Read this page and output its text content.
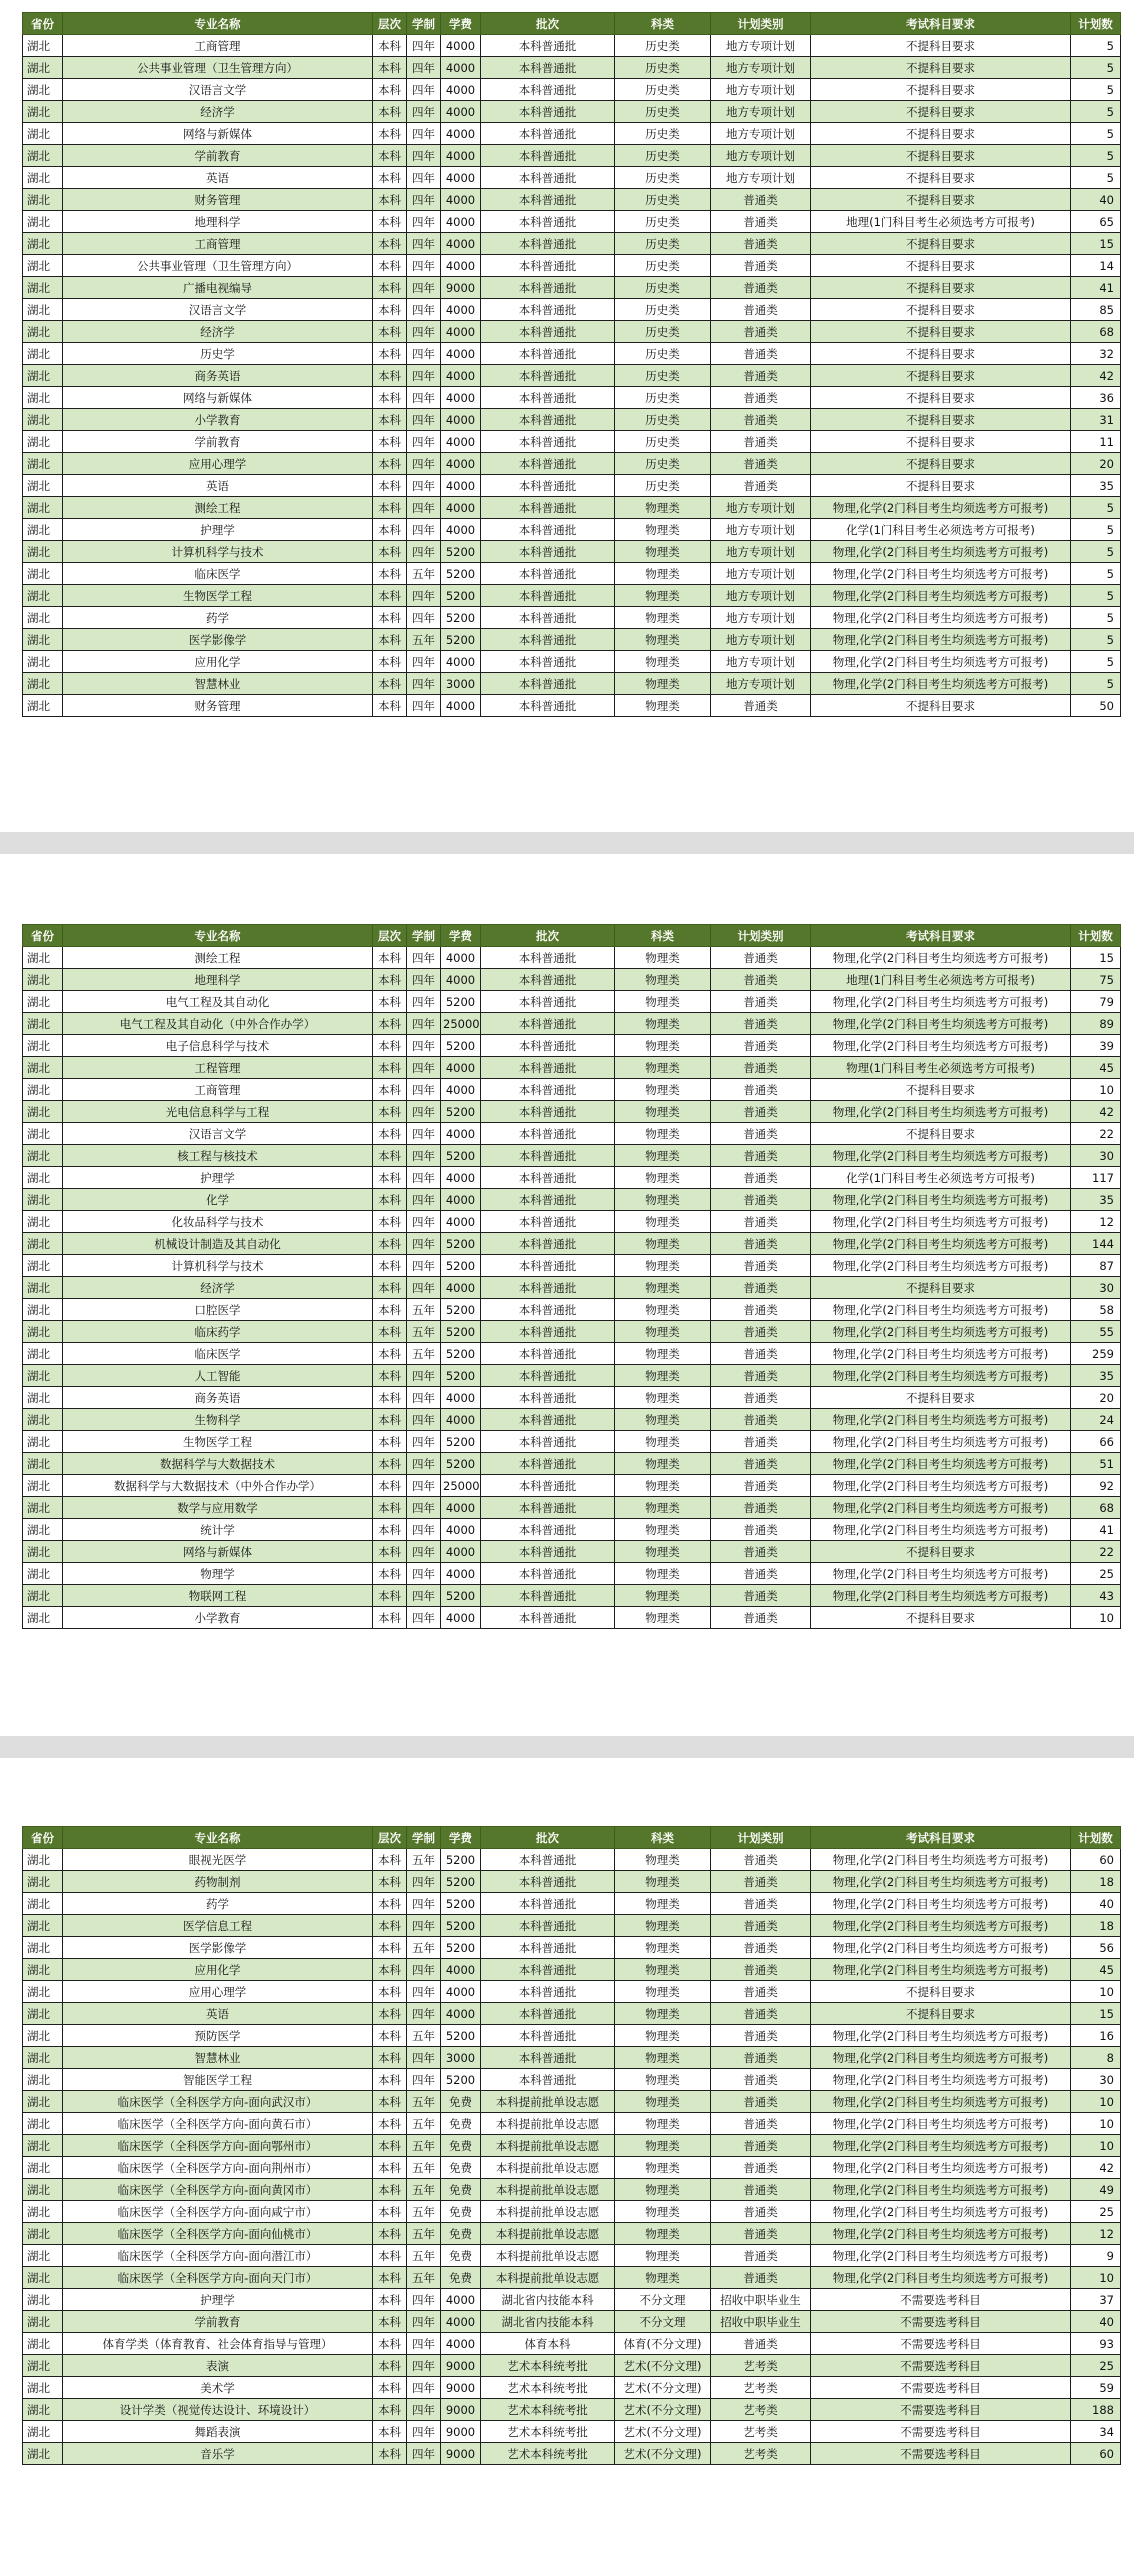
省份	专业名称	层次	学制	学费	批次	科类	计划类别	考试科目要求	计划数
湖北	工商管理	本科	四年	4000	本科普通批	历史类	地方专项计划	不提科目要求	5
湖北	公共事业管理（卫生管理方向）	本科	四年	4000	本科普通批	历史类	地方专项计划	不提科目要求	5
湖北	汉语言文学	本科	四年	4000	本科普通批	历史类	地方专项计划	不提科目要求	5
湖北	经济学	本科	四年	4000	本科普通批	历史类	地方专项计划	不提科目要求	5
湖北	网络与新媒体	本科	四年	4000	本科普通批	历史类	地方专项计划	不提科目要求	5
湖北	学前教育	本科	四年	4000	本科普通批	历史类	地方专项计划	不提科目要求	5
湖北	英语	本科	四年	4000	本科普通批	历史类	地方专项计划	不提科目要求	5
湖北	财务管理	本科	四年	4000	本科普通批	历史类	普通类	不提科目要求	40
湖北	地理科学	本科	四年	4000	本科普通批	历史类	普通类	地理(1门科目考生必须选考方可报考)	65
湖北	工商管理	本科	四年	4000	本科普通批	历史类	普通类	不提科目要求	15
湖北	公共事业管理（卫生管理方向）	本科	四年	4000	本科普通批	历史类	普通类	不提科目要求	14
湖北	广播电视编导	本科	四年	9000	本科普通批	历史类	普通类	不提科目要求	41
湖北	汉语言文学	本科	四年	4000	本科普通批	历史类	普通类	不提科目要求	85
湖北	经济学	本科	四年	4000	本科普通批	历史类	普通类	不提科目要求	68
湖北	历史学	本科	四年	4000	本科普通批	历史类	普通类	不提科目要求	32
湖北	商务英语	本科	四年	4000	本科普通批	历史类	普通类	不提科目要求	42
湖北	网络与新媒体	本科	四年	4000	本科普通批	历史类	普通类	不提科目要求	36
湖北	小学教育	本科	四年	4000	本科普通批	历史类	普通类	不提科目要求	31
湖北	学前教育	本科	四年	4000	本科普通批	历史类	普通类	不提科目要求	11
湖北	应用心理学	本科	四年	4000	本科普通批	历史类	普通类	不提科目要求	20
湖北	英语	本科	四年	4000	本科普通批	历史类	普通类	不提科目要求	35
湖北	测绘工程	本科	四年	4000	本科普通批	物理类	地方专项计划	物理,化学(2门科目考生均须选考方可报考)	5
湖北	护理学	本科	四年	4000	本科普通批	物理类	地方专项计划	化学(1门科目考生必须选考方可报考)	5
湖北	计算机科学与技术	本科	四年	5200	本科普通批	物理类	地方专项计划	物理,化学(2门科目考生均须选考方可报考)	5
湖北	临床医学	本科	五年	5200	本科普通批	物理类	地方专项计划	物理,化学(2门科目考生均须选考方可报考)	5
湖北	生物医学工程	本科	四年	5200	本科普通批	物理类	地方专项计划	物理,化学(2门科目考生均须选考方可报考)	5
湖北	药学	本科	四年	5200	本科普通批	物理类	地方专项计划	物理,化学(2门科目考生均须选考方可报考)	5
湖北	医学影像学	本科	五年	5200	本科普通批	物理类	地方专项计划	物理,化学(2门科目考生均须选考方可报考)	5
湖北	应用化学	本科	四年	4000	本科普通批	物理类	地方专项计划	物理,化学(2门科目考生均须选考方可报考)	5
湖北	智慧林业	本科	四年	3000	本科普通批	物理类	地方专项计划	物理,化学(2门科目考生均须选考方可报考)	5
湖北	财务管理	本科	四年	4000	本科普通批	物理类	普通类	不提科目要求	50
省份	专业名称	层次	学制	学费	批次	科类	计划类别	考试科目要求	计划数
湖北	测绘工程	本科	四年	4000	本科普通批	物理类	普通类	物理,化学(2门科目考生均须选考方可报考)	15
湖北	地理科学	本科	四年	4000	本科普通批	物理类	普通类	地理(1门科目考生必须选考方可报考)	75
湖北	电气工程及其自动化	本科	四年	5200	本科普通批	物理类	普通类	物理,化学(2门科目考生均须选考方可报考)	79
湖北	电气工程及其自动化（中外合作办学）	本科	四年	25000	本科普通批	物理类	普通类	物理,化学(2门科目考生均须选考方可报考)	89
湖北	电子信息科学与技术	本科	四年	5200	本科普通批	物理类	普通类	物理,化学(2门科目考生均须选考方可报考)	39
湖北	工程管理	本科	四年	4000	本科普通批	物理类	普通类	物理(1门科目考生必须选考方可报考)	45
湖北	工商管理	本科	四年	4000	本科普通批	物理类	普通类	不提科目要求	10
湖北	光电信息科学与工程	本科	四年	5200	本科普通批	物理类	普通类	物理,化学(2门科目考生均须选考方可报考)	42
湖北	汉语言文学	本科	四年	4000	本科普通批	物理类	普通类	不提科目要求	22
湖北	核工程与核技术	本科	四年	5200	本科普通批	物理类	普通类	物理,化学(2门科目考生均须选考方可报考)	30
湖北	护理学	本科	四年	4000	本科普通批	物理类	普通类	化学(1门科目考生必须选考方可报考)	117
湖北	化学	本科	四年	4000	本科普通批	物理类	普通类	物理,化学(2门科目考生均须选考方可报考)	35
湖北	化妆品科学与技术	本科	四年	4000	本科普通批	物理类	普通类	物理,化学(2门科目考生均须选考方可报考)	12
湖北	机械设计制造及其自动化	本科	四年	5200	本科普通批	物理类	普通类	物理,化学(2门科目考生均须选考方可报考)	144
湖北	计算机科学与技术	本科	四年	5200	本科普通批	物理类	普通类	物理,化学(2门科目考生均须选考方可报考)	87
湖北	经济学	本科	四年	4000	本科普通批	物理类	普通类	不提科目要求	30
湖北	口腔医学	本科	五年	5200	本科普通批	物理类	普通类	物理,化学(2门科目考生均须选考方可报考)	58
湖北	临床药学	本科	五年	5200	本科普通批	物理类	普通类	物理,化学(2门科目考生均须选考方可报考)	55
湖北	临床医学	本科	五年	5200	本科普通批	物理类	普通类	物理,化学(2门科目考生均须选考方可报考)	259
湖北	人工智能	本科	四年	5200	本科普通批	物理类	普通类	物理,化学(2门科目考生均须选考方可报考)	35
湖北	商务英语	本科	四年	4000	本科普通批	物理类	普通类	不提科目要求	20
湖北	生物科学	本科	四年	4000	本科普通批	物理类	普通类	物理,化学(2门科目考生均须选考方可报考)	24
湖北	生物医学工程	本科	四年	5200	本科普通批	物理类	普通类	物理,化学(2门科目考生均须选考方可报考)	66
湖北	数据科学与大数据技术	本科	四年	5200	本科普通批	物理类	普通类	物理,化学(2门科目考生均须选考方可报考)	51
湖北	数据科学与大数据技术（中外合作办学）	本科	四年	25000	本科普通批	物理类	普通类	物理,化学(2门科目考生均须选考方可报考)	92
湖北	数学与应用数学	本科	四年	4000	本科普通批	物理类	普通类	物理,化学(2门科目考生均须选考方可报考)	68
湖北	统计学	本科	四年	4000	本科普通批	物理类	普通类	物理,化学(2门科目考生均须选考方可报考)	41
湖北	网络与新媒体	本科	四年	4000	本科普通批	物理类	普通类	不提科目要求	22
湖北	物理学	本科	四年	4000	本科普通批	物理类	普通类	物理,化学(2门科目考生均须选考方可报考)	25
湖北	物联网工程	本科	四年	5200	本科普通批	物理类	普通类	物理,化学(2门科目考生均须选考方可报考)	43
湖北	小学教育	本科	四年	4000	本科普通批	物理类	普通类	不提科目要求	10
省份	专业名称	层次	学制	学费	批次	科类	计划类别	考试科目要求	计划数
湖北	眼视光医学	本科	五年	5200	本科普通批	物理类	普通类	物理,化学(2门科目考生均须选考方可报考)	60
湖北	药物制剂	本科	四年	5200	本科普通批	物理类	普通类	物理,化学(2门科目考生均须选考方可报考)	18
湖北	药学	本科	四年	5200	本科普通批	物理类	普通类	物理,化学(2门科目考生均须选考方可报考)	40
湖北	医学信息工程	本科	四年	5200	本科普通批	物理类	普通类	物理,化学(2门科目考生均须选考方可报考)	18
湖北	医学影像学	本科	五年	5200	本科普通批	物理类	普通类	物理,化学(2门科目考生均须选考方可报考)	56
湖北	应用化学	本科	四年	4000	本科普通批	物理类	普通类	物理,化学(2门科目考生均须选考方可报考)	45
湖北	应用心理学	本科	四年	4000	本科普通批	物理类	普通类	不提科目要求	10
湖北	英语	本科	四年	4000	本科普通批	物理类	普通类	不提科目要求	15
湖北	预防医学	本科	五年	5200	本科普通批	物理类	普通类	物理,化学(2门科目考生均须选考方可报考)	16
湖北	智慧林业	本科	四年	3000	本科普通批	物理类	普通类	物理,化学(2门科目考生均须选考方可报考)	8
湖北	智能医学工程	本科	四年	5200	本科普通批	物理类	普通类	物理,化学(2门科目考生均须选考方可报考)	30
湖北	临床医学（全科医学方向-面向武汉市）	本科	五年	免费	本科提前批单设志愿	物理类	普通类	物理,化学(2门科目考生均须选考方可报考)	10
湖北	临床医学（全科医学方向-面向黄石市）	本科	五年	免费	本科提前批单设志愿	物理类	普通类	物理,化学(2门科目考生均须选考方可报考)	10
湖北	临床医学（全科医学方向-面向鄂州市）	本科	五年	免费	本科提前批单设志愿	物理类	普通类	物理,化学(2门科目考生均须选考方可报考)	10
湖北	临床医学（全科医学方向-面向荆州市）	本科	五年	免费	本科提前批单设志愿	物理类	普通类	物理,化学(2门科目考生均须选考方可报考)	42
湖北	临床医学（全科医学方向-面向黄冈市）	本科	五年	免费	本科提前批单设志愿	物理类	普通类	物理,化学(2门科目考生均须选考方可报考)	49
湖北	临床医学（全科医学方向-面向咸宁市）	本科	五年	免费	本科提前批单设志愿	物理类	普通类	物理,化学(2门科目考生均须选考方可报考)	25
湖北	临床医学（全科医学方向-面向仙桃市）	本科	五年	免费	本科提前批单设志愿	物理类	普通类	物理,化学(2门科目考生均须选考方可报考)	12
湖北	临床医学（全科医学方向-面向潜江市）	本科	五年	免费	本科提前批单设志愿	物理类	普通类	物理,化学(2门科目考生均须选考方可报考)	9
湖北	临床医学（全科医学方向-面向天门市）	本科	五年	免费	本科提前批单设志愿	物理类	普通类	物理,化学(2门科目考生均须选考方可报考)	10
湖北	护理学	本科	四年	4000	湖北省内技能本科	不分文理	招收中职毕业生	不需要选考科目	37
湖北	学前教育	本科	四年	4000	湖北省内技能本科	不分文理	招收中职毕业生	不需要选考科目	40
湖北	体育学类（体育教育、社会体育指导与管理）	本科	四年	4000	体育本科	体育(不分文理)	普通类	不需要选考科目	93
湖北	表演	本科	四年	9000	艺术本科统考批	艺术(不分文理)	艺考类	不需要选考科目	25
湖北	美术学	本科	四年	9000	艺术本科统考批	艺术(不分文理)	艺考类	不需要选考科目	59
湖北	设计学类（视觉传达设计、环境设计）	本科	四年	9000	艺术本科统考批	艺术(不分文理)	艺考类	不需要选考科目	188
湖北	舞蹈表演	本科	四年	9000	艺术本科统考批	艺术(不分文理)	艺考类	不需要选考科目	34
湖北	音乐学	本科	四年	9000	艺术本科统考批	艺术(不分文理)	艺考类	不需要选考科目	60
